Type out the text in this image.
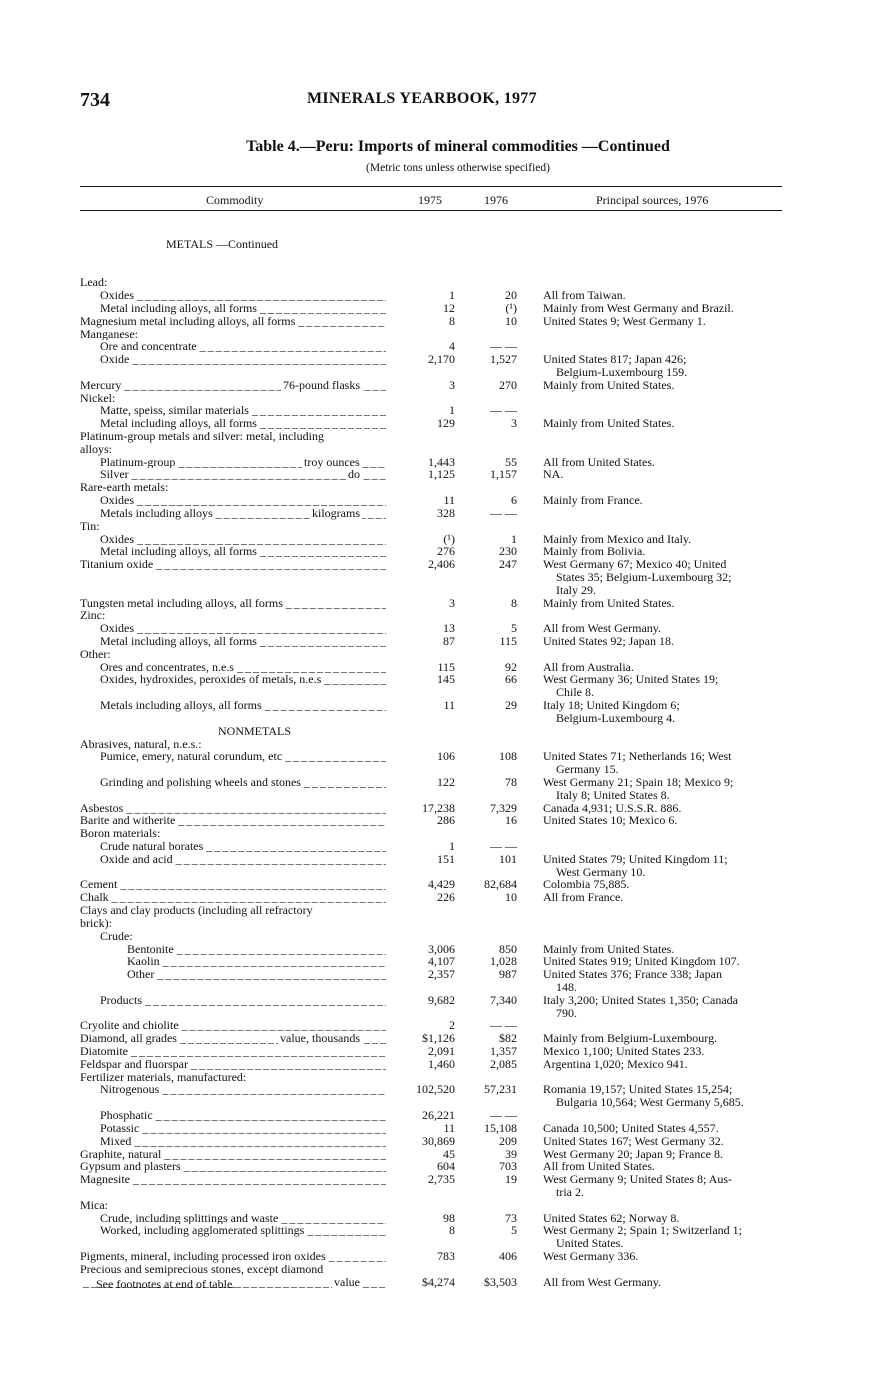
734	MINERALS YEARBOOK, 1977
Table 4.—Peru: Imports of mineral commodities —Continued
(Metric tons unless otherwise specified)
Commodity	1975	1976	Principal sources, 1976
METALS —Continued
Lead:
Oxides _ _ _	1	20 All from Taiwan.
Metal including alloys, all forms _ _ _	12	(¹) Mainly from West Germany and Brazil.
Magnesium metal including alloys, all forms _ _ _	8	10 United States 9; West Germany 1.
Manganese:
Ore and concentrate _ _ _	4	— —
Oxide _ _ _	2,170	1,527 United States 817; Japan 426;
Belgium-Luxembourg 159.
Mercury _ _ _	76-pound flasks	3	270 Mainly from United States.
Nickel:
Matte, speiss, similar materials _ _ _	1	— —
Metal including alloys, all forms _ _ _	129	3 Mainly from United States.
Platinum-group metals and silver: metal, including
alloys:
Platinum-group _ _ _	troy ounces	1,443	55 All from United States.
Silver _ _ _	do	1,125	1,157 NA.
Rare-earth metals:
Oxides _ _ _	11	6 Mainly from France.
Metals including alloys _ _ _	kilograms	328	— —
Tin:
Oxides _ _ _	(¹)	1 Mainly from Mexico and Italy.
Metal including alloys, all forms _ _ _	276	230 Mainly from Bolivia.
Titanium oxide _ _ _	2,406	247 West Germany 67; Mexico 40; United
States 35; Belgium-Luxembourg 32;
Italy 29.
Tungsten metal including alloys, all forms _ _ _	3	8 Mainly from United States.
Zinc:
Oxides _ _ _	13	5 All from West Germany.
Metal including alloys, all forms _ _ _	87	115 United States 92; Japan 18.
Other:
Ores and concentrates, n.e.s _ _ _	115	92 All from Australia.
Oxides, hydroxides, peroxides of metals, n.e.s _ _ _	145	66 West Germany 36; United States 19;
Chile 8.
Metals including alloys, all forms _ _ _	11	29 Italy 18; United Kingdom 6;
Belgium-Luxembourg 4.
NONMETALS
Abrasives, natural, n.e.s.:
Pumice, emery, natural corundum, etc _ _ _	106	108 United States 71; Netherlands 16; West
Germany 15.
Grinding and polishing wheels and stones _ _ _	122	78 West Germany 21; Spain 18; Mexico 9;
Italy 8; United States 8.
Asbestos _ _ _	17,238	7,329 Canada 4,931; U.S.S.R. 886.
Barite and witherite _ _ _	286	16 United States 10; Mexico 6.
Boron materials:
Crude natural borates _ _ _	1	— —
Oxide and acid _ _ _	151	101 United States 79; United Kingdom 11;
West Germany 10.
Cement _ _ _	4,429 82,684 Colombia 75,885.
Chalk _ _ _	226	10 All from France.
Clays and clay products (including all refractory
brick):
Crude:
Bentonite _ _ _	3,006	850 Mainly from United States.
Kaolin _ _ _	4,107	1,028 United States 919; United Kingdom 107.
Other _ _ _	2,357	987 United States 376; France 338; Japan
148.
Products _ _ _	9,682	7,340 Italy 3,200; United States 1,350; Canada
790.
Cryolite and chiolite _ _ _	2	— —
Diamond, all grades _ _ _	value, thousands	$1,126	$82 Mainly from Belgium-Luxembourg.
Diatomite _ _ _	2,091	1,357 Mexico 1,100; United States 233.
Feldspar and fluorspar _ _ _	1,460	2,085 Argentina 1,020; Mexico 941.
Fertilizer materials, manufactured:
Nitrogenous _ _ _	102,520 57,231 Romania 19,157; United States 15,254;
Bulgaria 10,564; West Germany 5,685.
Phosphatic _ _ _	26,221	— —
Potassic _ _ _	11 15,108 Canada 10,500; United States 4,557.
Mixed _ _ _	30,869	209 United States 167; West Germany 32.
Graphite, natural _ _ _	45	39 West Germany 20; Japan 9; France 8.
Gypsum and plasters _ _ _	604	703 All from United States.
Magnesite _ _ _	2,735	19 West Germany 9; United States 8; Aus-
tria 2.
Mica:
Crude, including splittings and waste _ _ _	98	73 United States 62; Norway 8.
Worked, including agglomerated splittings _ _ _	8	5 West Germany 2; Spain 1; Switzerland 1;
United States.
Pigments, mineral, including processed iron oxides _ _ _	783	406 West Germany 336.
Precious and semiprecious stones, except diamond
_ _ _
value	$4,274 $3,503 All from West Germany.
See footnotes at end of table.
